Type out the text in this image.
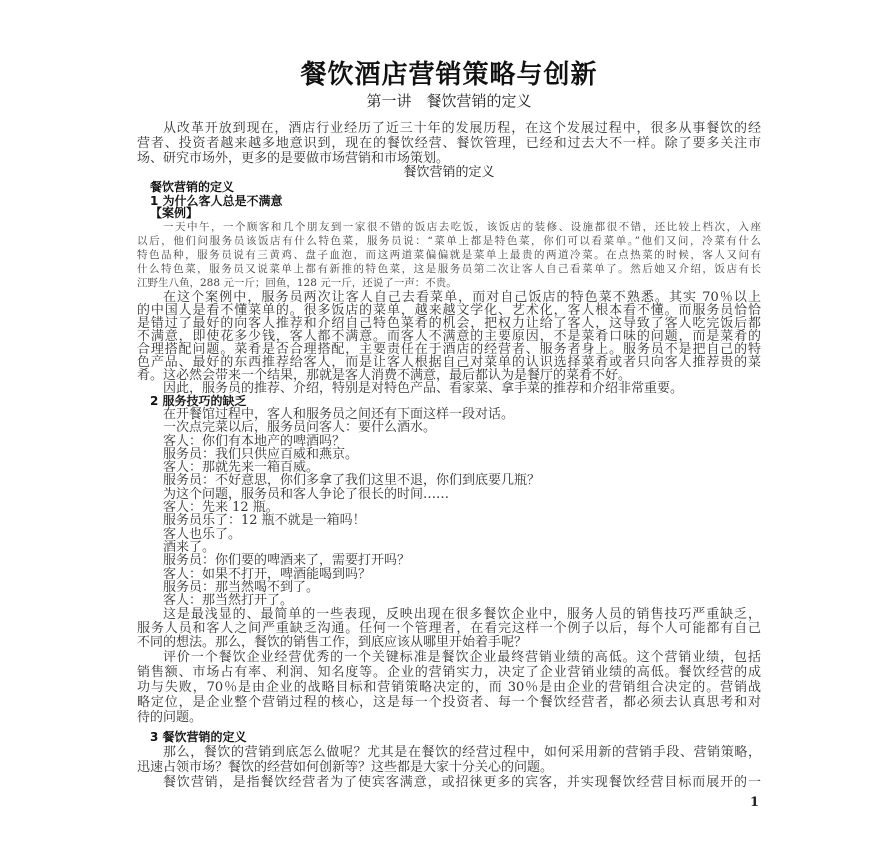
餐饮酒店营销策略与创新
第一讲　餐饮营销的定义
从改革开放到现在，酒店行业经历了近三十年的发展历程，在这个发展过程中，很多从事餐饮的经
营者、投资者越来越多地意识到，现在的餐饮经营、餐饮管理，已经和过去大不一样。除了要多关注市
场、研究市场外，更多的是要做市场营销和市场策划。
餐饮营销的定义
餐饮营销的定义
1 为什么客人总是不满意
【案例】
一天中午，一个顾客和几个朋友到一家很不错的饭店去吃饭，该饭店的装修、设施都很不错，还比较上档次，入座
以后，他们问服务员该饭店有什么特色菜，服务员说：“菜单上都是特色菜，你们可以看菜单。”他们又问，冷菜有什么
特色品种，服务员说有三黄鸡、盘子血泡，而这两道菜偏偏就是菜单上最贵的两道冷菜。在点热菜的时候，客人又问有
什么特色菜，服务员又说菜单上都有新推的特色菜，这是服务员第二次让客人自己看菜单了。然后她又介绍，饭店有长
江野生八鱼，288 元一斤；回鱼，128 元一斤，还说了一声：不贵。
在这个案例中，服务员两次让客人自己去看菜单，而对自己饭店的特色菜不熟悉。其实 70％以上
的中国人是看不懂菜单的。很多饭店的菜单，越来越文学化、艺术化，客人根本看不懂。而服务员恰恰
是错过了最好的向客人推荐和介绍自己特色菜肴的机会，把权力让给了客人，这导致了客人吃完饭后都
不满意，即使花多少钱，客人都不满意。而客人不满意的主要原因，不是菜肴口味的问题，而是菜肴的
合理搭配问题。菜肴是否合理搭配，主要责任在于酒店的经营者、服务者身上。服务员不是把自己的特
色产品、最好的东西推荐给客人，而是让客人根据自己对菜单的认识选择菜肴或者只向客人推荐贵的菜
肴。这必然会带来一个结果，那就是客人消费不满意，最后都认为是餐厅的菜肴不好。
因此，服务员的推荐、介绍，特别是对特色产品、看家菜、拿手菜的推荐和介绍非常重要。
2 服务技巧的缺乏
在开餐馆过程中，客人和服务员之间还有下面这样一段对话。
一次点完菜以后，服务员问客人：要什么酒水。
客人：你们有本地产的啤酒吗？
服务员：我们只供应百威和燕京。
客人：那就先来一箱百威。
服务员：不好意思，你们多拿了我们这里不退，你们到底要几瓶？
为这个问题，服务员和客人争论了很长的时间……
客人：先来 12 瓶。
服务员乐了：12 瓶不就是一箱吗！
客人也乐了。
酒来了。
服务员：你们要的啤酒来了，需要打开吗？
客人：如果不打开，啤酒能喝到吗？
服务员：那当然喝不到了。
客人：那当然打开了。
这是最浅显的、最简单的一些表现，反映出现在很多餐饮企业中，服务人员的销售技巧严重缺乏，
服务人员和客人之间严重缺乏沟通。任何一个管理者，在看完这样一个例子以后，每个人可能都有自己
不同的想法。那么，餐饮的销售工作，到底应该从哪里开始着手呢？
评价一个餐饮企业经营优秀的一个关键标准是餐饮企业最终营销业绩的高低。这个营销业绩，包括
销售额、市场占有率、利润、知名度等。企业的营销实力，决定了企业营销业绩的高低。餐饮经营的成
功与失败，70％是由企业的战略目标和营销策略决定的，而 30％是由企业的营销组合决定的。营销战
略定位，是企业整个营销过程的核心，这是每一个投资者、每一个餐饮经营者，都必须去认真思考和对
待的问题。
3 餐饮营销的定义
那么，餐饮的营销到底怎么做呢？尤其是在餐饮的经营过程中，如何采用新的营销手段、营销策略，
迅速占领市场？餐饮的经营如何创新等？这些都是大家十分关心的问题。
餐饮营销，是指餐饮经营者为了使宾客满意，或招徕更多的宾客，并实现餐饮经营目标而展开的一
1
